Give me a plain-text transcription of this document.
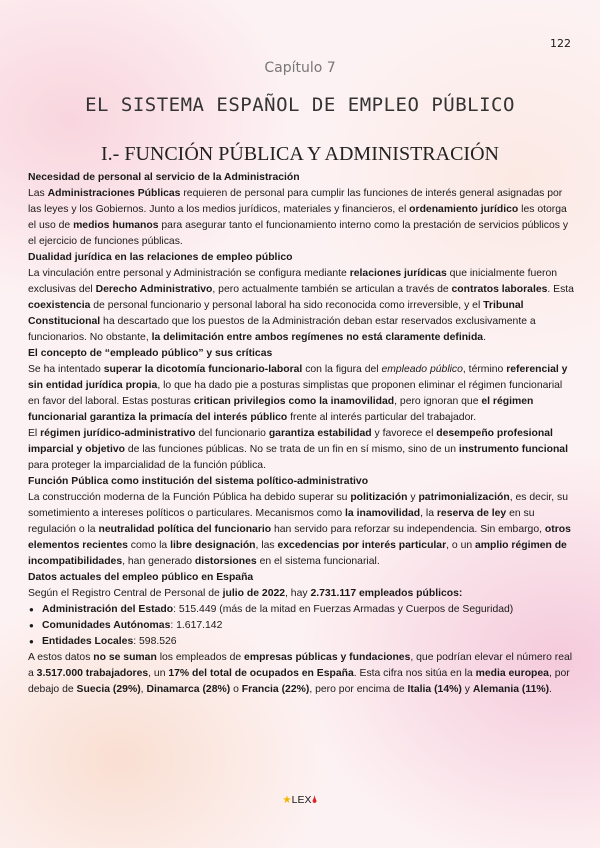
122
Capítulo 7
EL SISTEMA ESPAÑOL DE EMPLEO PÚBLICO
I.- FUNCIÓN PÚBLICA Y ADMINISTRACIÓN

Necesidad de personal al servicio de la Administración

Las Administraciones Públicas requieren de personal para cumplir las funciones de interés general asignadas por las leyes y los Gobiernos. Junto a los medios jurídicos, materiales y financieros, el ordenamiento jurídico les otorga el uso de medios humanos para asegurar tanto el funcionamiento interno como la prestación de servicios públicos y el ejercicio de funciones públicas.

Dualidad jurídica en las relaciones de empleo público

La vinculación entre personal y Administración se configura mediante relaciones jurídicas que inicialmente fueron exclusivas del Derecho Administrativo, pero actualmente también se articulan a través de contratos laborales. Esta coexistencia de personal funcionario y personal laboral ha sido reconocida como irreversible, y el Tribunal Constitucional ha descartado que los puestos de la Administración deban estar reservados exclusivamente a funcionarios. No obstante, la delimitación entre ambos regímenes no está claramente definida.

El concepto de “empleado público” y sus críticas

Se ha intentado superar la dicotomía funcionario-laboral con la figura del empleado público, término referencial y sin entidad jurídica propia, lo que ha dado pie a posturas simplistas que proponen eliminar el régimen funcionarial en favor del laboral. Estas posturas critican privilegios como la inamovilidad, pero ignoran que el régimen funcionarial garantiza la primacía del interés público frente al interés particular del trabajador.

El régimen jurídico-administrativo del funcionario garantiza estabilidad y favorece el desempeño profesional imparcial y objetivo de las funciones públicas. No se trata de un fin en sí mismo, sino de un instrumento funcional para proteger la imparcialidad de la función pública.

Función Pública como institución del sistema político-administrativo

La construcción moderna de la Función Pública ha debido superar su politización y patrimonialización, es decir, su sometimiento a intereses políticos o particulares. Mecanismos como la inamovilidad, la reserva de ley en su regulación o la neutralidad política del funcionario han servido para reforzar su independencia. Sin embargo, otros elementos recientes como la libre designación, las excedencias por interés particular, o un amplio régimen de incompatibilidades, han generado distorsiones en el sistema funcionarial.

Datos actuales del empleo público en España

Según el Registro Central de Personal de julio de 2022, hay 2.731.117 empleados públicos:

● Administración del Estado: 515.449 (más de la mitad en Fuerzas Armadas y Cuerpos de Seguridad)
● Comunidades Autónomas: 1.617.142
● Entidades Locales: 598.526

A estos datos no se suman los empleados de empresas públicas y fundaciones, que podrían elevar el número real a 3.517.000 trabajadores, un 17% del total de ocupados en España. Esta cifra nos sitúa en la media europea, por debajo de Suecia (29%), Dinamarca (28%) o Francia (22%), pero por encima de Italia (14%) y Alemania (11%).

★LEX🌢
